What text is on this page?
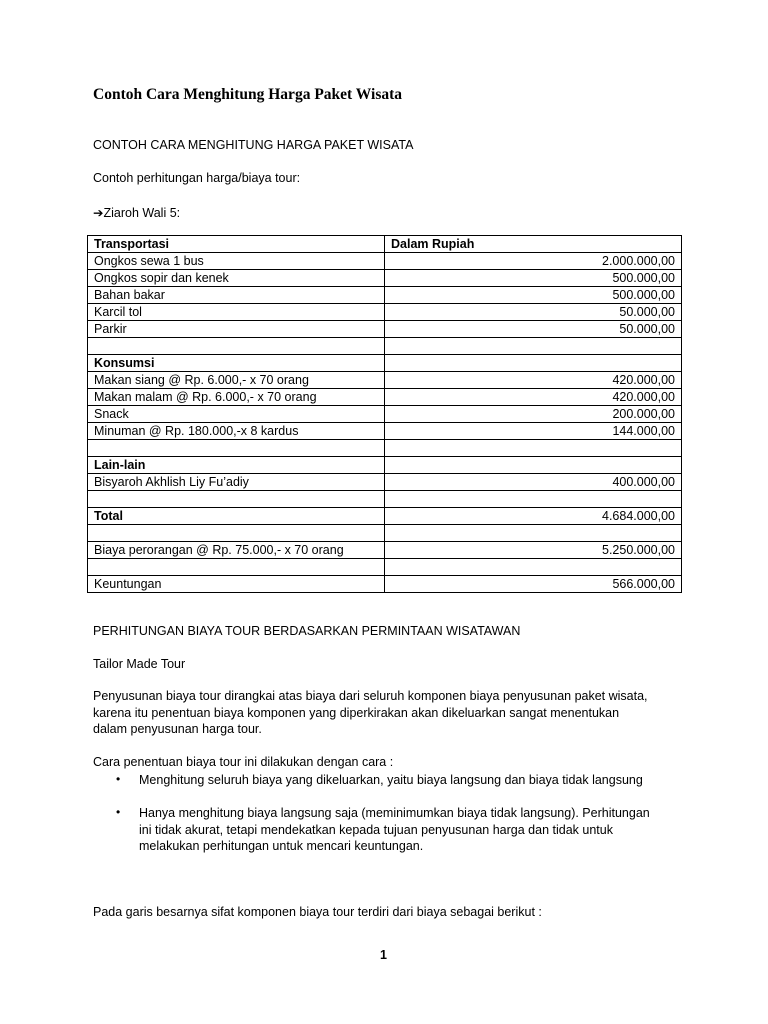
Contoh Cara Menghitung Harga Paket Wisata
CONTOH CARA MENGHITUNG HARGA PAKET WISATA
Contoh perhitungan harga/biaya tour:
➔Ziaroh Wali 5:
Transportasi	Dalam Rupiah
Ongkos sewa 1 bus	2.000.000,00
Ongkos sopir dan kenek	500.000,00
Bahan bakar	500.000,00
Karcil tol	50.000,00
Parkir	50.000,00

Konsumsi	
Makan siang @ Rp. 6.000,- x 70 orang	420.000,00
Makan malam @ Rp. 6.000,- x 70 orang	420.000,00
Snack	200.000,00
Minuman @ Rp. 180.000,-x 8 kardus	144.000,00

Lain-lain	
Bisyaroh Akhlish Liy Fu’adiy	400.000,00

Total	4.684.000,00

Biaya perorangan @ Rp. 75.000,- x 70 orang	5.250.000,00

Keuntungan	566.000,00
PERHITUNGAN BIAYA TOUR BERDASARKAN PERMINTAAN WISATAWAN
Tailor Made Tour
Penyusunan biaya tour dirangkai atas biaya dari seluruh komponen biaya penyusunan paket wisata,
karena itu penentuan biaya komponen yang diperkirakan akan dikeluarkan sangat menentukan
dalam penyusunan harga tour.
Cara penentuan biaya tour ini dilakukan dengan cara :
• Menghitung seluruh biaya yang dikeluarkan, yaitu biaya langsung dan biaya tidak langsung
• Hanya menghitung biaya langsung saja (meminimumkan biaya tidak langsung). Perhitungan
ini tidak akurat, tetapi mendekatkan kepada tujuan penyusunan harga dan tidak untuk
melakukan perhitungan untuk mencari keuntungan.
Pada garis besarnya sifat komponen biaya tour terdiri dari biaya sebagai berikut :
1
